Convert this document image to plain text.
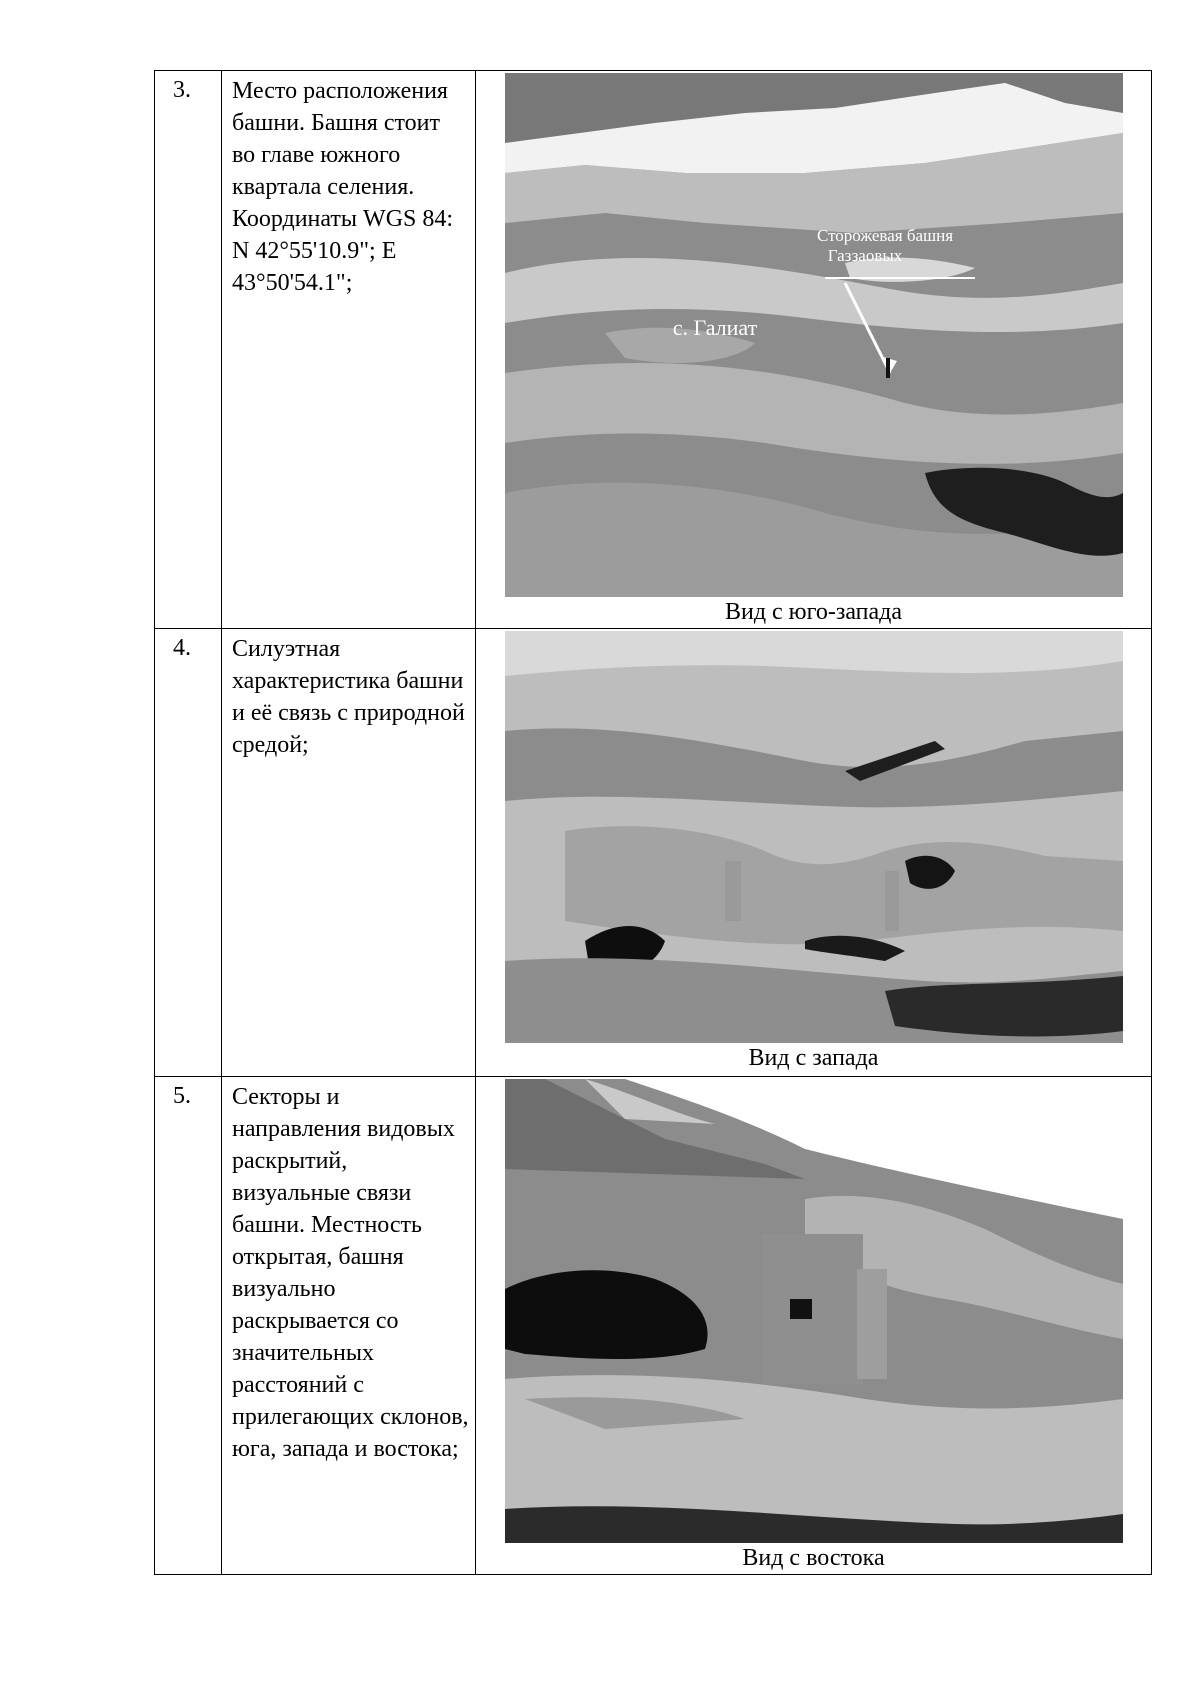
3.	Место расположения башни. Башня стоит во главе южного квартала селения. Координаты WGS 84: N 42°55'10.9"; E 43°50'54.1";	Сторожевая башня
Газзаовых
с. Галиат
Вид с юго-запада

4.	Силуэтная характеристика башни и её связь с природной средой;	Вид с запада

5.	Секторы и направления видовых раскрытий, визуальные связи башни. Местность открытая, башня визуально раскрывается со значительных расстояний с прилегающих склонов, юга, запада и востока;	Вид с востока
